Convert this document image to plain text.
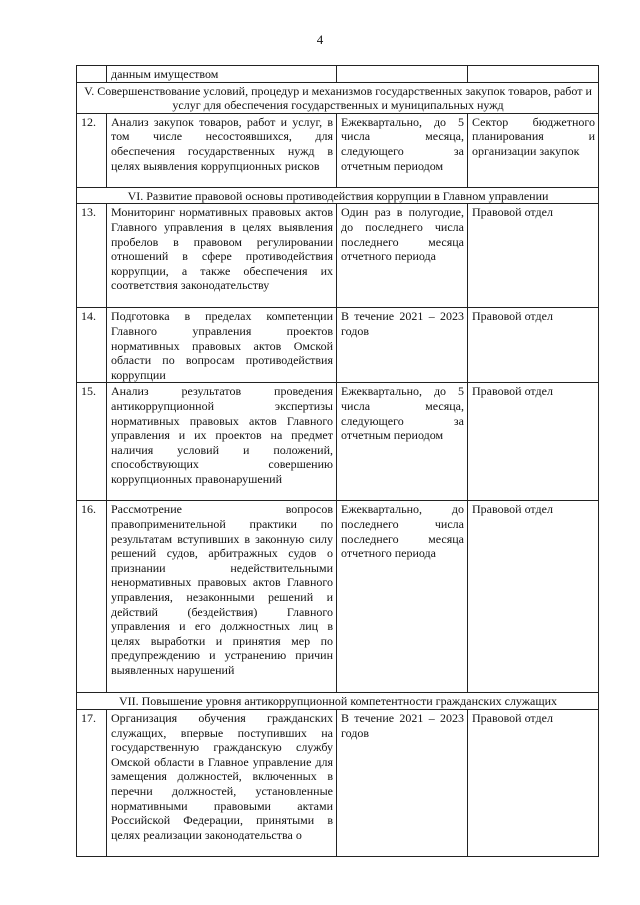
4
	данным имуществом		
V. Совершенствование условий, процедур и механизмов государственных закупок товаров, работ и услуг для обеспечения государственных и муниципальных нужд			
12.	Анализ закупок товаров, работ и услуг, в том числе несостоявшихся, для обеспечения государственных нужд в целях выявления коррупционных рисков	Ежеквартально, до 5 числа месяца, следующего за отчетным периодом	Сектор бюджетного планирования и организации закупок
VI. Развитие правовой основы противодействия коррупции в Главном управлении			
13.	Мониторинг нормативных правовых актов Главного управления в целях выявления пробелов в правовом регулировании отношений в сфере противодействия коррупции, а также обеспечения их соответствия законодательству	Один раз в полугодие, до последнего числа последнего месяца отчетного периода	Правовой отдел
14.	Подготовка в пределах компетенции Главного управления проектов нормативных правовых актов Омской области по вопросам противодействия коррупции	В течение 2021 – 2023 годов	Правовой отдел
15.	Анализ результатов проведения антикоррупционной экспертизы нормативных правовых актов Главного управления и их проектов на предмет наличия условий и положений, способствующих совершению коррупционных правонарушений	Ежеквартально, до 5 числа месяца, следующего за отчетным периодом	Правовой отдел
16.	Рассмотрение вопросов правоприменительной практики по результатам вступивших в законную силу решений судов, арбитражных судов о признании недействительными ненормативных правовых актов Главного управления, незаконными решений и действий (бездействия) Главного управления и его должностных лиц в целях выработки и принятия мер по предупреждению и устранению причин выявленных нарушений	Ежеквартально, до последнего числа последнего месяца отчетного периода	Правовой отдел
VII. Повышение уровня антикоррупционной компетентности гражданских служащих			
17.	Организация обучения гражданских служащих, впервые поступивших на государственную гражданскую службу Омской области в Главное управление для замещения должностей, включенных в перечни должностей, установленные нормативными правовыми актами Российской Федерации, принятыми в целях реализации законодательства о	В течение 2021 – 2023 годов	Правовой отдел
